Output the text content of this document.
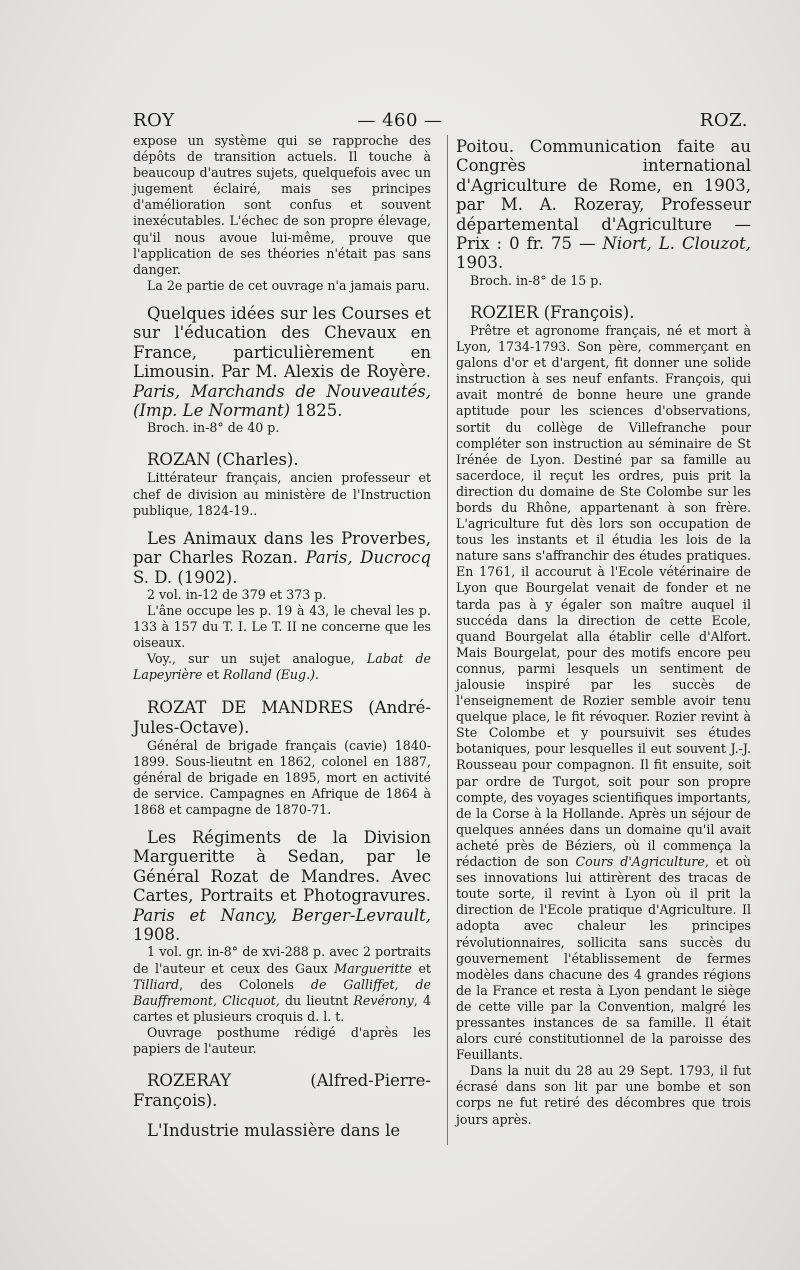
ROY	— 460 —	ROZ.

expose un système qui se rapproche des dépôts de transition actuels. Il touche à beaucoup d'autres sujets, quelquefois avec un jugement éclairé, mais ses principes d'amélioration sont confus et souvent inexécutables. L'échec de son propre élevage, qu'il nous avoue lui-même, prouve que l'application de ses théories n'était pas sans danger.

La 2e partie de cet ouvrage n'a jamais paru.

Quelques idées sur les Courses et sur l'éducation des Chevaux en France, particulièrement en Limousin. Par M. Alexis de Royère. Paris, Marchands de Nouveautés, (Imp. Le Normant) 1825.

Broch. in-8° de 40 p.

ROZAN (Charles).

Littérateur français, ancien professeur et chef de division au ministère de l'Instruction publique, 1824-19..

Les Animaux dans les Proverbes, par Charles Rozan. Paris, Ducrocq S. D. (1902).

2 vol. in-12 de 379 et 373 p.

L'âne occupe les p. 19 à 43, le cheval les p. 133 à 157 du T. I. Le T. II ne concerne que les oiseaux.

Voy., sur un sujet analogue, Labat de Lapeyrière et Rolland (Eug.).

ROZAT DE MANDRES (André-Jules-Octave).

Général de brigade français (cavie) 1840-1899. Sous-lieutnt en 1862, colonel en 1887, général de brigade en 1895, mort en activité de service. Campagnes en Afrique de 1864 à 1868 et campagne de 1870-71.

Les Régiments de la Division Margueritte à Sedan, par le Général Rozat de Mandres. Avec Cartes, Portraits et Photogravures. Paris et Nancy, Berger-Levrault, 1908.

1 vol. gr. in-8° de xvi-288 p. avec 2 portraits de l'auteur et ceux des Gaux Margueritte et Tilliard, des Colonels de Galliffet, de Bauffremont, Clicquot, du lieutnt Revérony, 4 cartes et plusieurs croquis d. l. t.

Ouvrage posthume rédigé d'après les papiers de l'auteur.

ROZERAY (Alfred-Pierre-François).

L'Industrie mulassière dans le

Poitou. Communication faite au Congrès international d'Agriculture de Rome, en 1903, par M. A. Rozeray, Professeur départemental d'Agriculture — Prix : 0 fr. 75 — Niort, L. Clouzot, 1903.

Broch. in-8° de 15 p.

ROZIER (François).

Prêtre et agronome français, né et mort à Lyon, 1734-1793. Son père, commerçant en galons d'or et d'argent, fit donner une solide instruction à ses neuf enfants. François, qui avait montré de bonne heure une grande aptitude pour les sciences d'observations, sortit du collège de Villefranche pour compléter son instruction au séminaire de St Irénée de Lyon. Destiné par sa famille au sacerdoce, il reçut les ordres, puis prit la direction du domaine de Ste Colombe sur les bords du Rhône, appartenant à son frère. L'agriculture fut dès lors son occupation de tous les instants et il étudia les lois de la nature sans s'affranchir des études pratiques. En 1761, il accourut à l'Ecole vétérinaire de Lyon que Bourgelat venait de fonder et ne tarda pas à y égaler son maître auquel il succéda dans la direction de cette Ecole, quand Bourgelat alla établir celle d'Alfort. Mais Bourgelat, pour des motifs encore peu connus, parmi lesquels un sentiment de jalousie inspiré par les succès de l'enseignement de Rozier semble avoir tenu quelque place, le fit révoquer. Rozier revint à Ste Colombe et y poursuivit ses études botaniques, pour lesquelles il eut souvent J.-J. Rousseau pour compagnon. Il fit ensuite, soit par ordre de Turgot, soit pour son propre compte, des voyages scientifiques importants, de la Corse à la Hollande. Après un séjour de quelques années dans un domaine qu'il avait acheté près de Béziers, où il commença la rédaction de son Cours d'Agriculture, et où ses innovations lui attirèrent des tracas de toute sorte, il revint à Lyon où il prit la direction de l'Ecole pratique d'Agriculture. Il adopta avec chaleur les principes révolutionnaires, sollicita sans succès du gouvernement l'établissement de fermes modèles dans chacune des 4 grandes régions de la France et resta à Lyon pendant le siège de cette ville par la Convention, malgré les pressantes instances de sa famille. Il était alors curé constitutionnel de la paroisse des Feuillants.

Dans la nuit du 28 au 29 Sept. 1793, il fut écrasé dans son lit par une bombe et son corps ne fut retiré des décombres que trois jours après.
